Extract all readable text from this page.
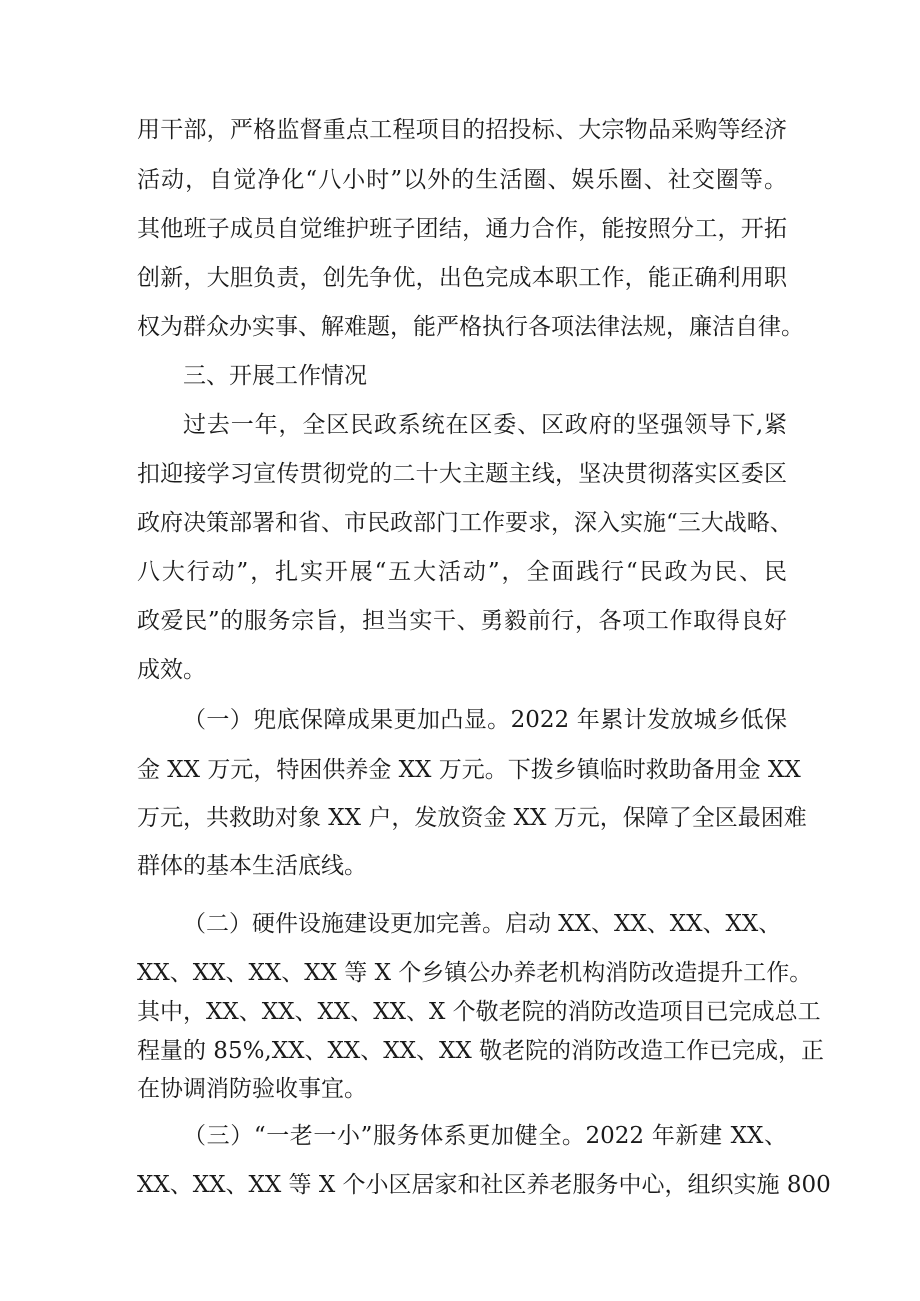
用干部，严格监督重点工程项目的招投标、大宗物品采购等经济
活动，自觉净化“八小时”以外的生活圈、娱乐圈、社交圈等。
其他班子成员自觉维护班子团结，通力合作，能按照分工，开拓
创新，大胆负责，创先争优，出色完成本职工作，能正确利用职
权为群众办实事、解难题，能严格执行各项法律法规，廉洁自律。
三、开展工作情况
过去一年，全区民政系统在区委、区政府的坚强领导下,紧
扣迎接学习宣传贯彻党的二十大主题主线，坚决贯彻落实区委区
政府决策部署和省、市民政部门工作要求，深入实施“三大战略、
八大行动”，扎实开展“五大活动”，全面践行“民政为民、民
政爱民”的服务宗旨，担当实干、勇毅前行，各项工作取得良好
成效。
（一）兜底保障成果更加凸显。2022 年累计发放城乡低保
金 XX 万元，特困供养金 XX 万元。下拨乡镇临时救助备用金 XX
万元，共救助对象 XX 户，发放资金 XX 万元，保障了全区最困难
群体的基本生活底线。
（二）硬件设施建设更加完善。启动 XX、XX、XX、XX、
XX、XX、XX、XX 等 X 个乡镇公办养老机构消防改造提升工作。
其中，XX、XX、XX、XX、X 个敬老院的消防改造项目已完成总工
程量的 85%,XX、XX、XX、XX 敬老院的消防改造工作已完成，正
在协调消防验收事宜。
（三）“一老一小”服务体系更加健全。2022 年新建 XX、
XX、XX、XX 等 X 个小区居家和社区养老服务中心，组织实施 800
